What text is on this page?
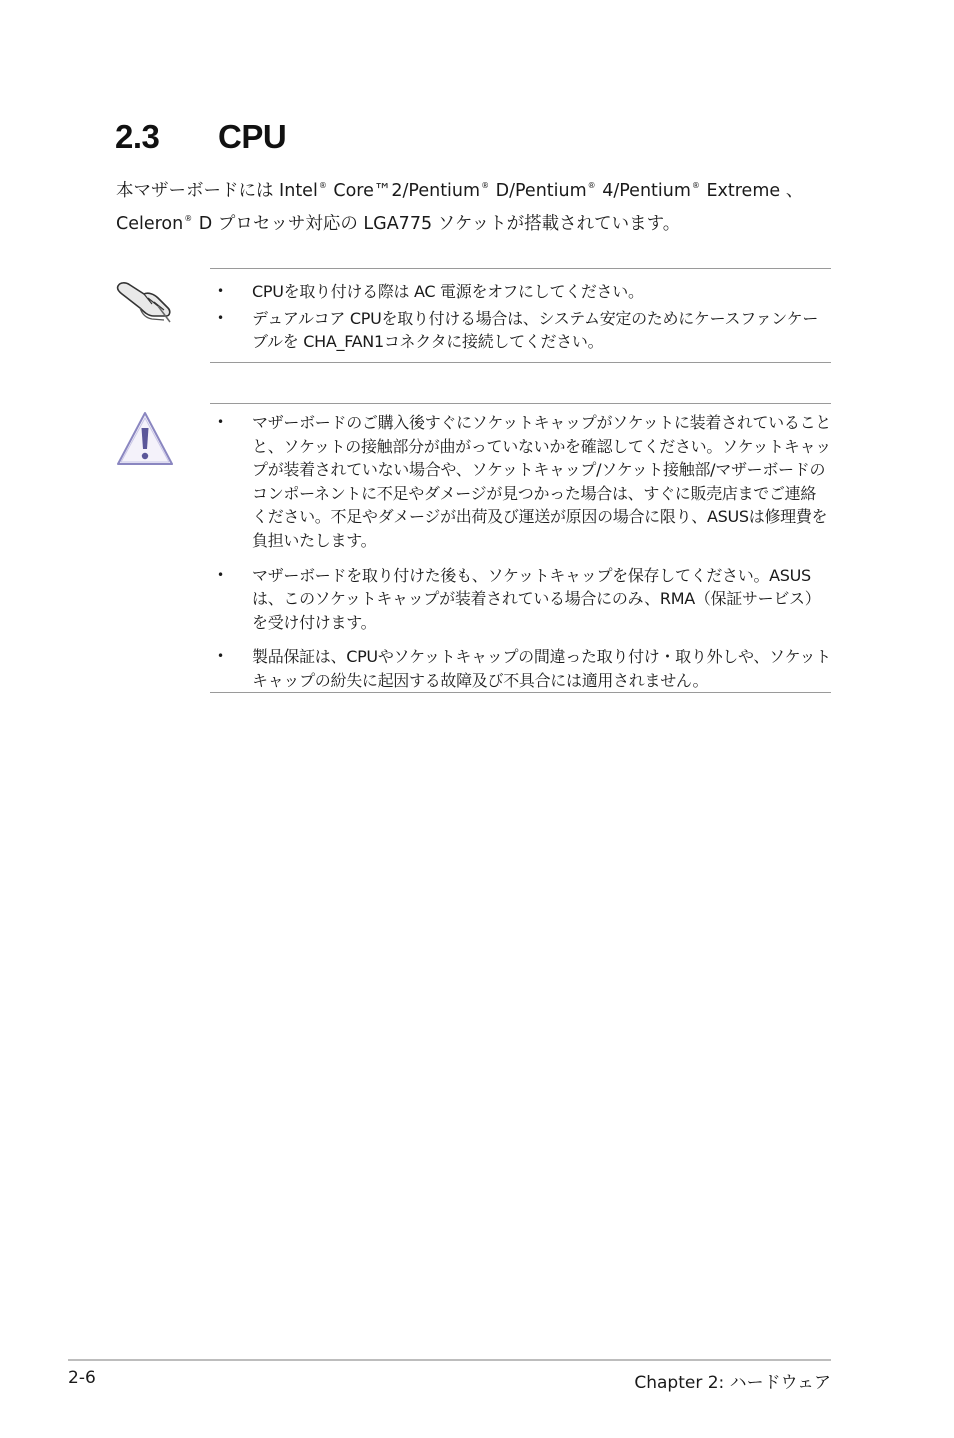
2.3	CPU
本マザーボードには Intel® Core™2/Pentium® D/Pentium® 4/Pentium® Extreme 、Celeron® D プロセッサ対応の LGA775 ソケットが搭載されています。
• CPUを取り付ける際は AC 電源をオフにしてください。
• デュアルコア CPUを取り付ける場合は、システム安定のためにケースファンケーブルを CHA_FAN1コネクタに接続してください。
• マザーボードのご購入後すぐにソケットキャップがソケットに装着されていることと、ソケットの接触部分が曲がっていないかを確認してください。ソケットキャップが装着されていない場合や、ソケットキャップ/ソケット接触部/マザーボードのコンポーネントに不足やダメージが見つかった場合は、すぐに販売店までご連絡ください。不足やダメージが出荷及び運送が原因の場合に限り、ASUSは修理費を負担いたします。
• マザーボードを取り付けた後も、ソケットキャップを保存してください。ASUSは、このソケットキャップが装着されている場合にのみ、RMA（保証サービス）を受け付けます。
• 製品保証は、CPUやソケットキャップの間違った取り付け・取り外しや、ソケットキャップの紛失に起因する故障及び不具合には適用されません。
2-6	Chapter 2: ハードウェア
